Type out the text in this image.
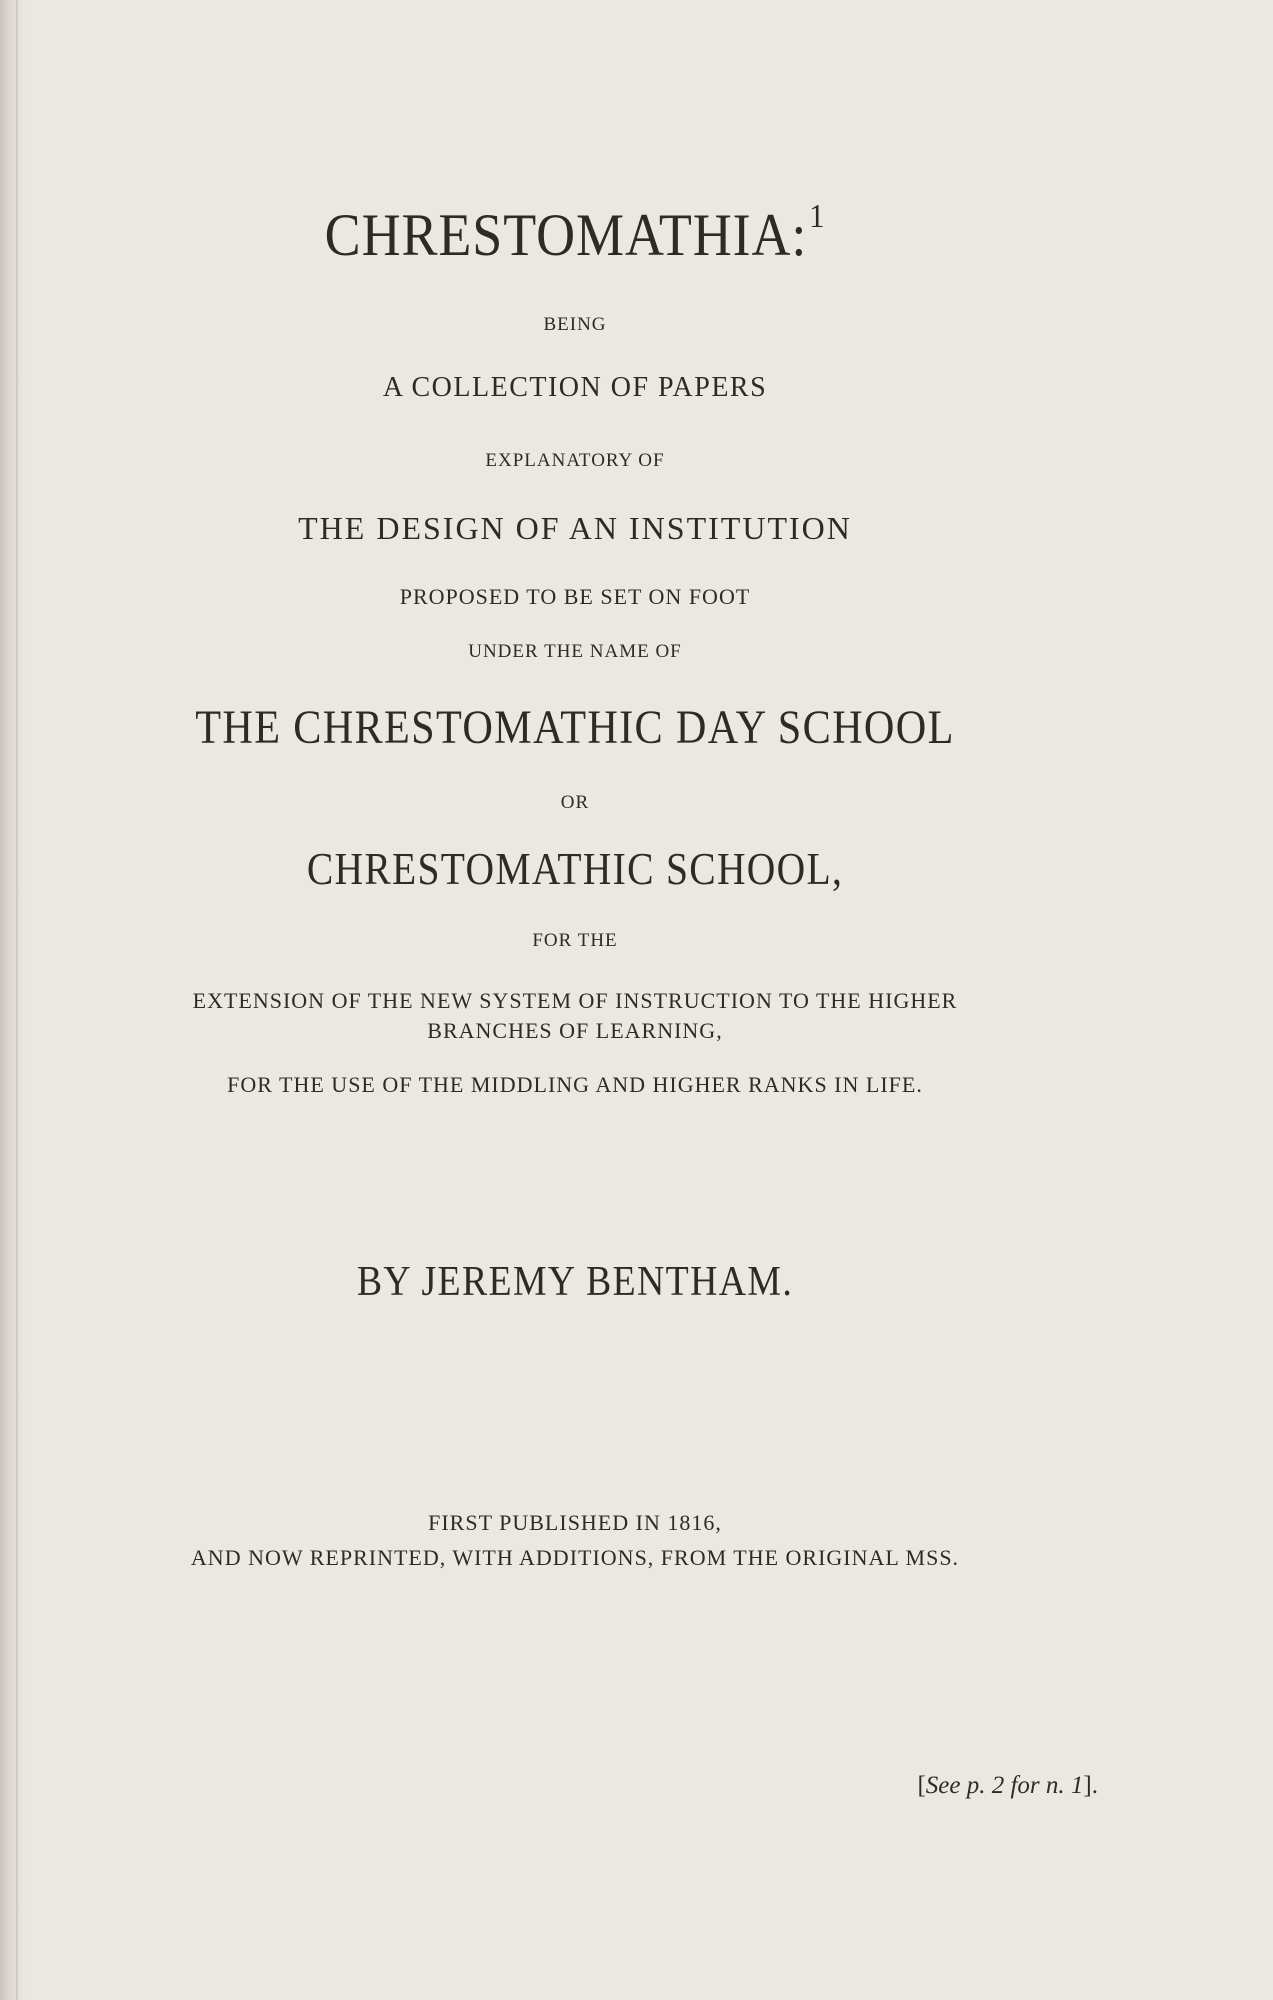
CHRESTOMATHIA:$^1$
BEING
A COLLECTION OF PAPERS
EXPLANATORY OF
THE DESIGN OF AN INSTITUTION
PROPOSED TO BE SET ON FOOT
UNDER THE NAME OF
THE CHRESTOMATHIC DAY SCHOOL
OR
CHRESTOMATHIC SCHOOL,
FOR THE
EXTENSION OF THE NEW SYSTEM OF INSTRUCTION TO THE HIGHER
BRANCHES OF LEARNING,
FOR THE USE OF THE MIDDLING AND HIGHER RANKS IN LIFE.
BY JEREMY BENTHAM.
FIRST PUBLISHED IN 1816,
AND NOW REPRINTED, WITH ADDITIONS, FROM THE ORIGINAL MSS.
[See p. 2 for n. 1].
